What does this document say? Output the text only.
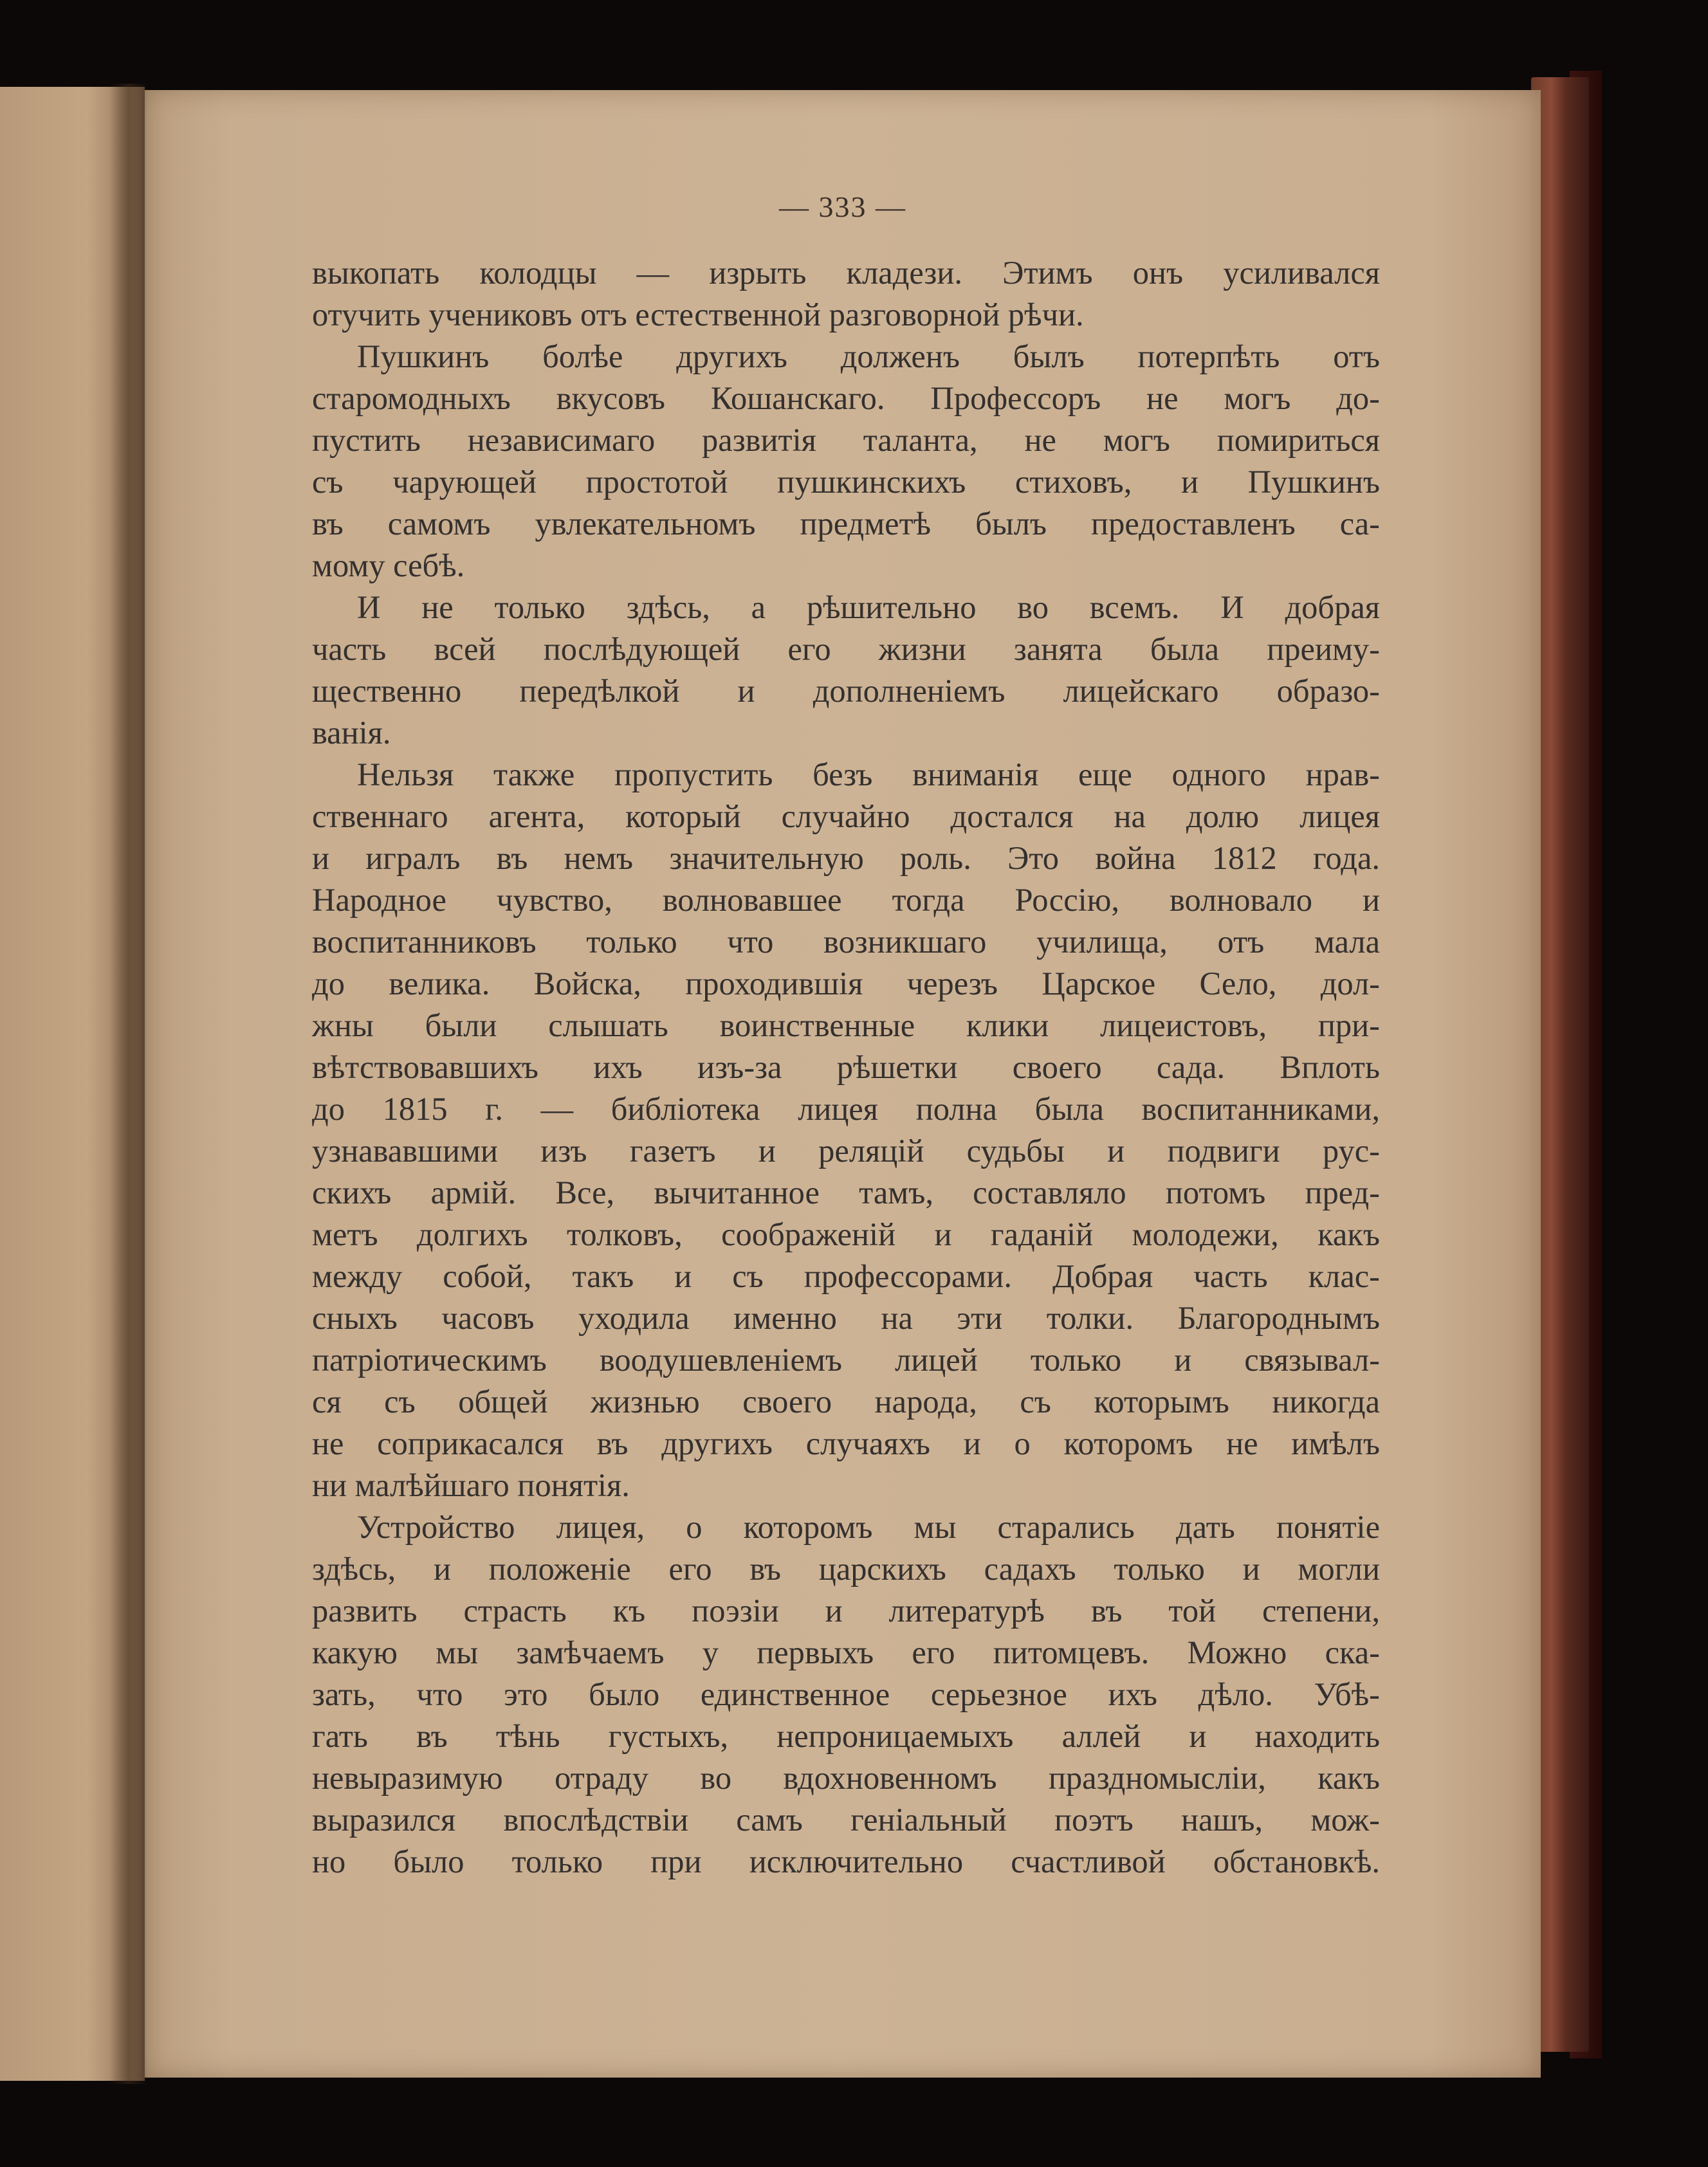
— 333 —
выкопать колодцы — изрыть кладези. Этимъ онъ усиливался
отучить учениковъ отъ естественной разговорной рѣчи.
Пушкинъ болѣе другихъ долженъ былъ потерпѣть отъ
старомодныхъ вкусовъ Кошанскаго. Профессоръ не могъ до-
пустить независимаго развитія таланта, не могъ помириться
съ чарующей простотой пушкинскихъ стиховъ, и Пушкинъ
въ самомъ увлекательномъ предметѣ былъ предоставленъ са-
мому себѣ.
И не только здѣсь, а рѣшительно во всемъ. И добрая
часть всей послѣдующей его жизни занята была преиму-
щественно передѣлкой и дополненіемъ лицейскаго образо-
ванія.
Нельзя также пропустить безъ вниманія еще одного нрав-
ственнаго агента, который случайно достался на долю лицея
и игралъ въ немъ значительную роль. Это война 1812 года.
Народное чувство, волновавшее тогда Россію, волновало и
воспитанниковъ только что возникшаго училища, отъ мала
до велика. Войска, проходившія черезъ Царское Село, дол-
жны были слышать воинственные клики лицеистовъ, при-
вѣтствовавшихъ ихъ изъ-за рѣшетки своего сада. Вплоть
до 1815 г. — библіотека лицея полна была воспитанниками,
узнававшими изъ газетъ и реляцій судьбы и подвиги рус-
скихъ армій. Все, вычитанное тамъ, составляло потомъ пред-
метъ долгихъ толковъ, соображеній и гаданій молодежи, какъ
между собой, такъ и съ профессорами. Добрая часть клас-
сныхъ часовъ уходила именно на эти толки. Благороднымъ
патріотическимъ воодушевленіемъ лицей только и связывал-
ся съ общей жизнью своего народа, съ которымъ никогда
не соприкасался въ другихъ случаяхъ и о которомъ не имѣлъ
ни малѣйшаго понятія.
Устройство лицея, о которомъ мы старались дать понятіе
здѣсь, и положеніе его въ царскихъ садахъ только и могли
развить страсть къ поэзіи и литературѣ въ той степени,
какую мы замѣчаемъ у первыхъ его питомцевъ. Можно ска-
зать, что это было единственное серьезное ихъ дѣло. Убѣ-
гать въ тѣнь густыхъ, непроницаемыхъ аллей и находить
невыразимую отраду во вдохновенномъ праздномысліи, какъ
выразился впослѣдствіи самъ геніальный поэтъ нашъ, мож-
но было только при исключительно счастливой обстановкѣ.
